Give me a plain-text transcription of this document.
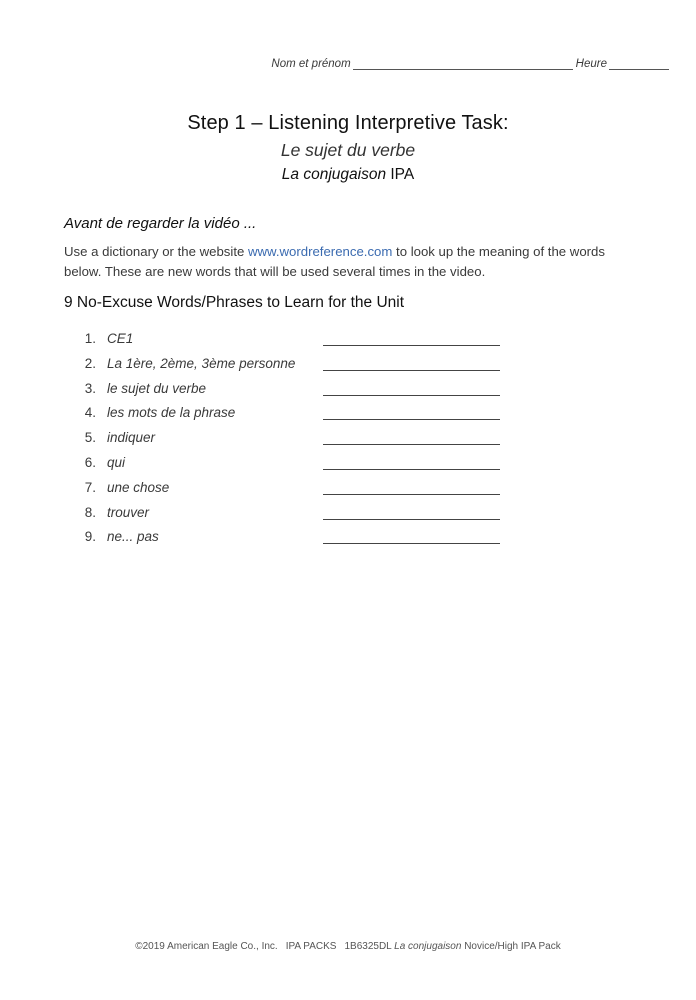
Nom et prénom	Heure
Step 1 – Listening Interpretive Task:
Le sujet du verbe
La conjugaison IPA
Avant de regarder la vidéo ...
Use a dictionary or the website www.wordreference.com to look up the meaning of the words below. These are new words that will be used several times in the video.
9 No-Excuse Words/Phrases to Learn for the Unit
1. CE1
2. La 1ère, 2ème, 3ème personne
3. le sujet du verbe
4. les mots de la phrase
5. indiquer
6. qui
7. une chose
8. trouver
9. ne... pas
©2019 American Eagle Co., Inc. IPA PACKS 1B6325DL La conjugaison Novice/High IPA Pack
